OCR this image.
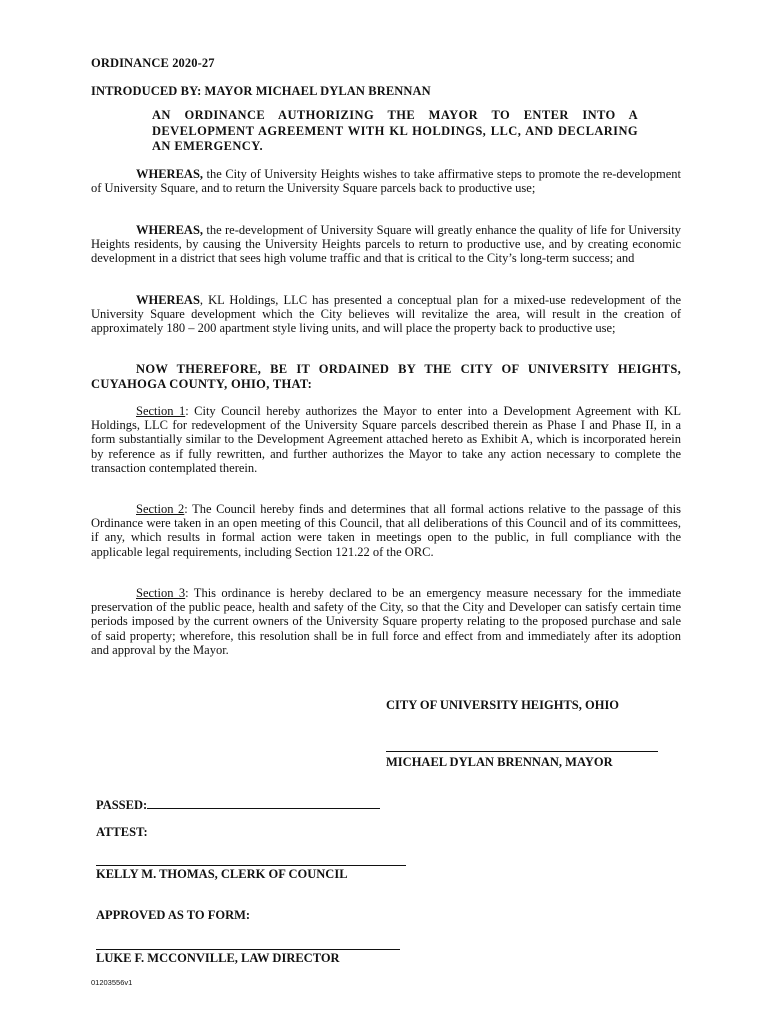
ORDINANCE 2020-27
INTRODUCED BY: MAYOR MICHAEL DYLAN BRENNAN
AN ORDINANCE AUTHORIZING THE MAYOR TO ENTER INTO A DEVELOPMENT AGREEMENT WITH KL HOLDINGS, LLC, AND DECLARING AN EMERGENCY.
WHEREAS, the City of University Heights wishes to take affirmative steps to promote the re-development of University Square, and to return the University Square parcels back to productive use;
WHEREAS, the re-development of University Square will greatly enhance the quality of life for University Heights residents, by causing the University Heights parcels to return to productive use, and by creating economic development in a district that sees high volume traffic and that is critical to the City’s long-term success; and
WHEREAS, KL Holdings, LLC has presented a conceptual plan for a mixed-use redevelopment of the University Square development which the City believes will revitalize the area, will result in the creation of approximately 180 – 200 apartment style living units, and will place the property back to productive use;
NOW THEREFORE, BE IT ORDAINED BY THE CITY OF UNIVERSITY HEIGHTS, CUYAHOGA COUNTY, OHIO, THAT:
Section 1: City Council hereby authorizes the Mayor to enter into a Development Agreement with KL Holdings, LLC for redevelopment of the University Square parcels described therein as Phase I and Phase II, in a form substantially similar to the Development Agreement attached hereto as Exhibit A, which is incorporated herein by reference as if fully rewritten, and further authorizes the Mayor to take any action necessary to complete the transaction contemplated therein.
Section 2: The Council hereby finds and determines that all formal actions relative to the passage of this Ordinance were taken in an open meeting of this Council, that all deliberations of this Council and of its committees, if any, which results in formal action were taken in meetings open to the public, in full compliance with the applicable legal requirements, including Section 121.22 of the ORC.
Section 3: This ordinance is hereby declared to be an emergency measure necessary for the immediate preservation of the public peace, health and safety of the City, so that the City and Developer can satisfy certain time periods imposed by the current owners of the University Square property relating to the proposed purchase and sale of said property; wherefore, this resolution shall be in full force and effect from and immediately after its adoption and approval by the Mayor.
CITY OF UNIVERSITY HEIGHTS, OHIO
MICHAEL DYLAN BRENNAN, MAYOR
PASSED:
ATTEST:
KELLY M. THOMAS, CLERK OF COUNCIL
APPROVED AS TO FORM:
LUKE F. MCCONVILLE, LAW DIRECTOR
01203556v1
